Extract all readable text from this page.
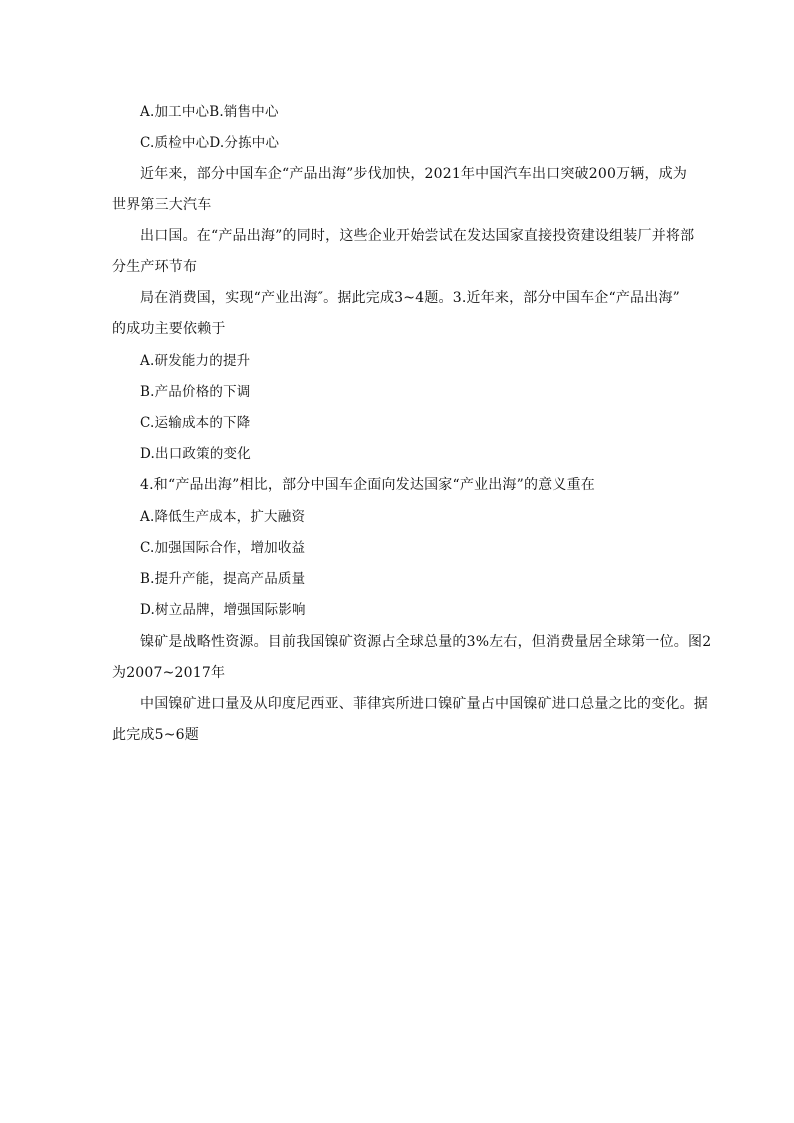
A.加工中心B.销售中心
C.质检中心D.分拣中心
近年来，部分中国车企“产品出海”步伐加快，2021年中国汽车出口突破200万辆，成为
世界第三大汽车
出口国。在“产品出海”的同时，这些企业开始尝试在发达国家直接投资建设组装厂并将部
分生产环节布
局在消费国，实现“产业出海″。据此完成3~4题。3.近年来，部分中国车企“产品出海”
的成功主要依赖于
A.研发能力的提升
B.产品价格的下调
C.运输成本的下降
D.出口政策的变化
4.和“产品出海”相比，部分中国车企面向发达国家“产业出海”的意义重在
A.降低生产成本，扩大融资
C.加强国际合作，增加收益
B.提升产能，提高产品质量
D.树立品牌，增强国际影响
镍矿是战略性资源。目前我国镍矿资源占全球总量的3%左右，但消费量居全球第一位。图2
为2007~2017年
中国镍矿进口量及从印度尼西亚、菲律宾所进口镍矿量占中国镍矿进口总量之比的变化。据
此完成5~6题
